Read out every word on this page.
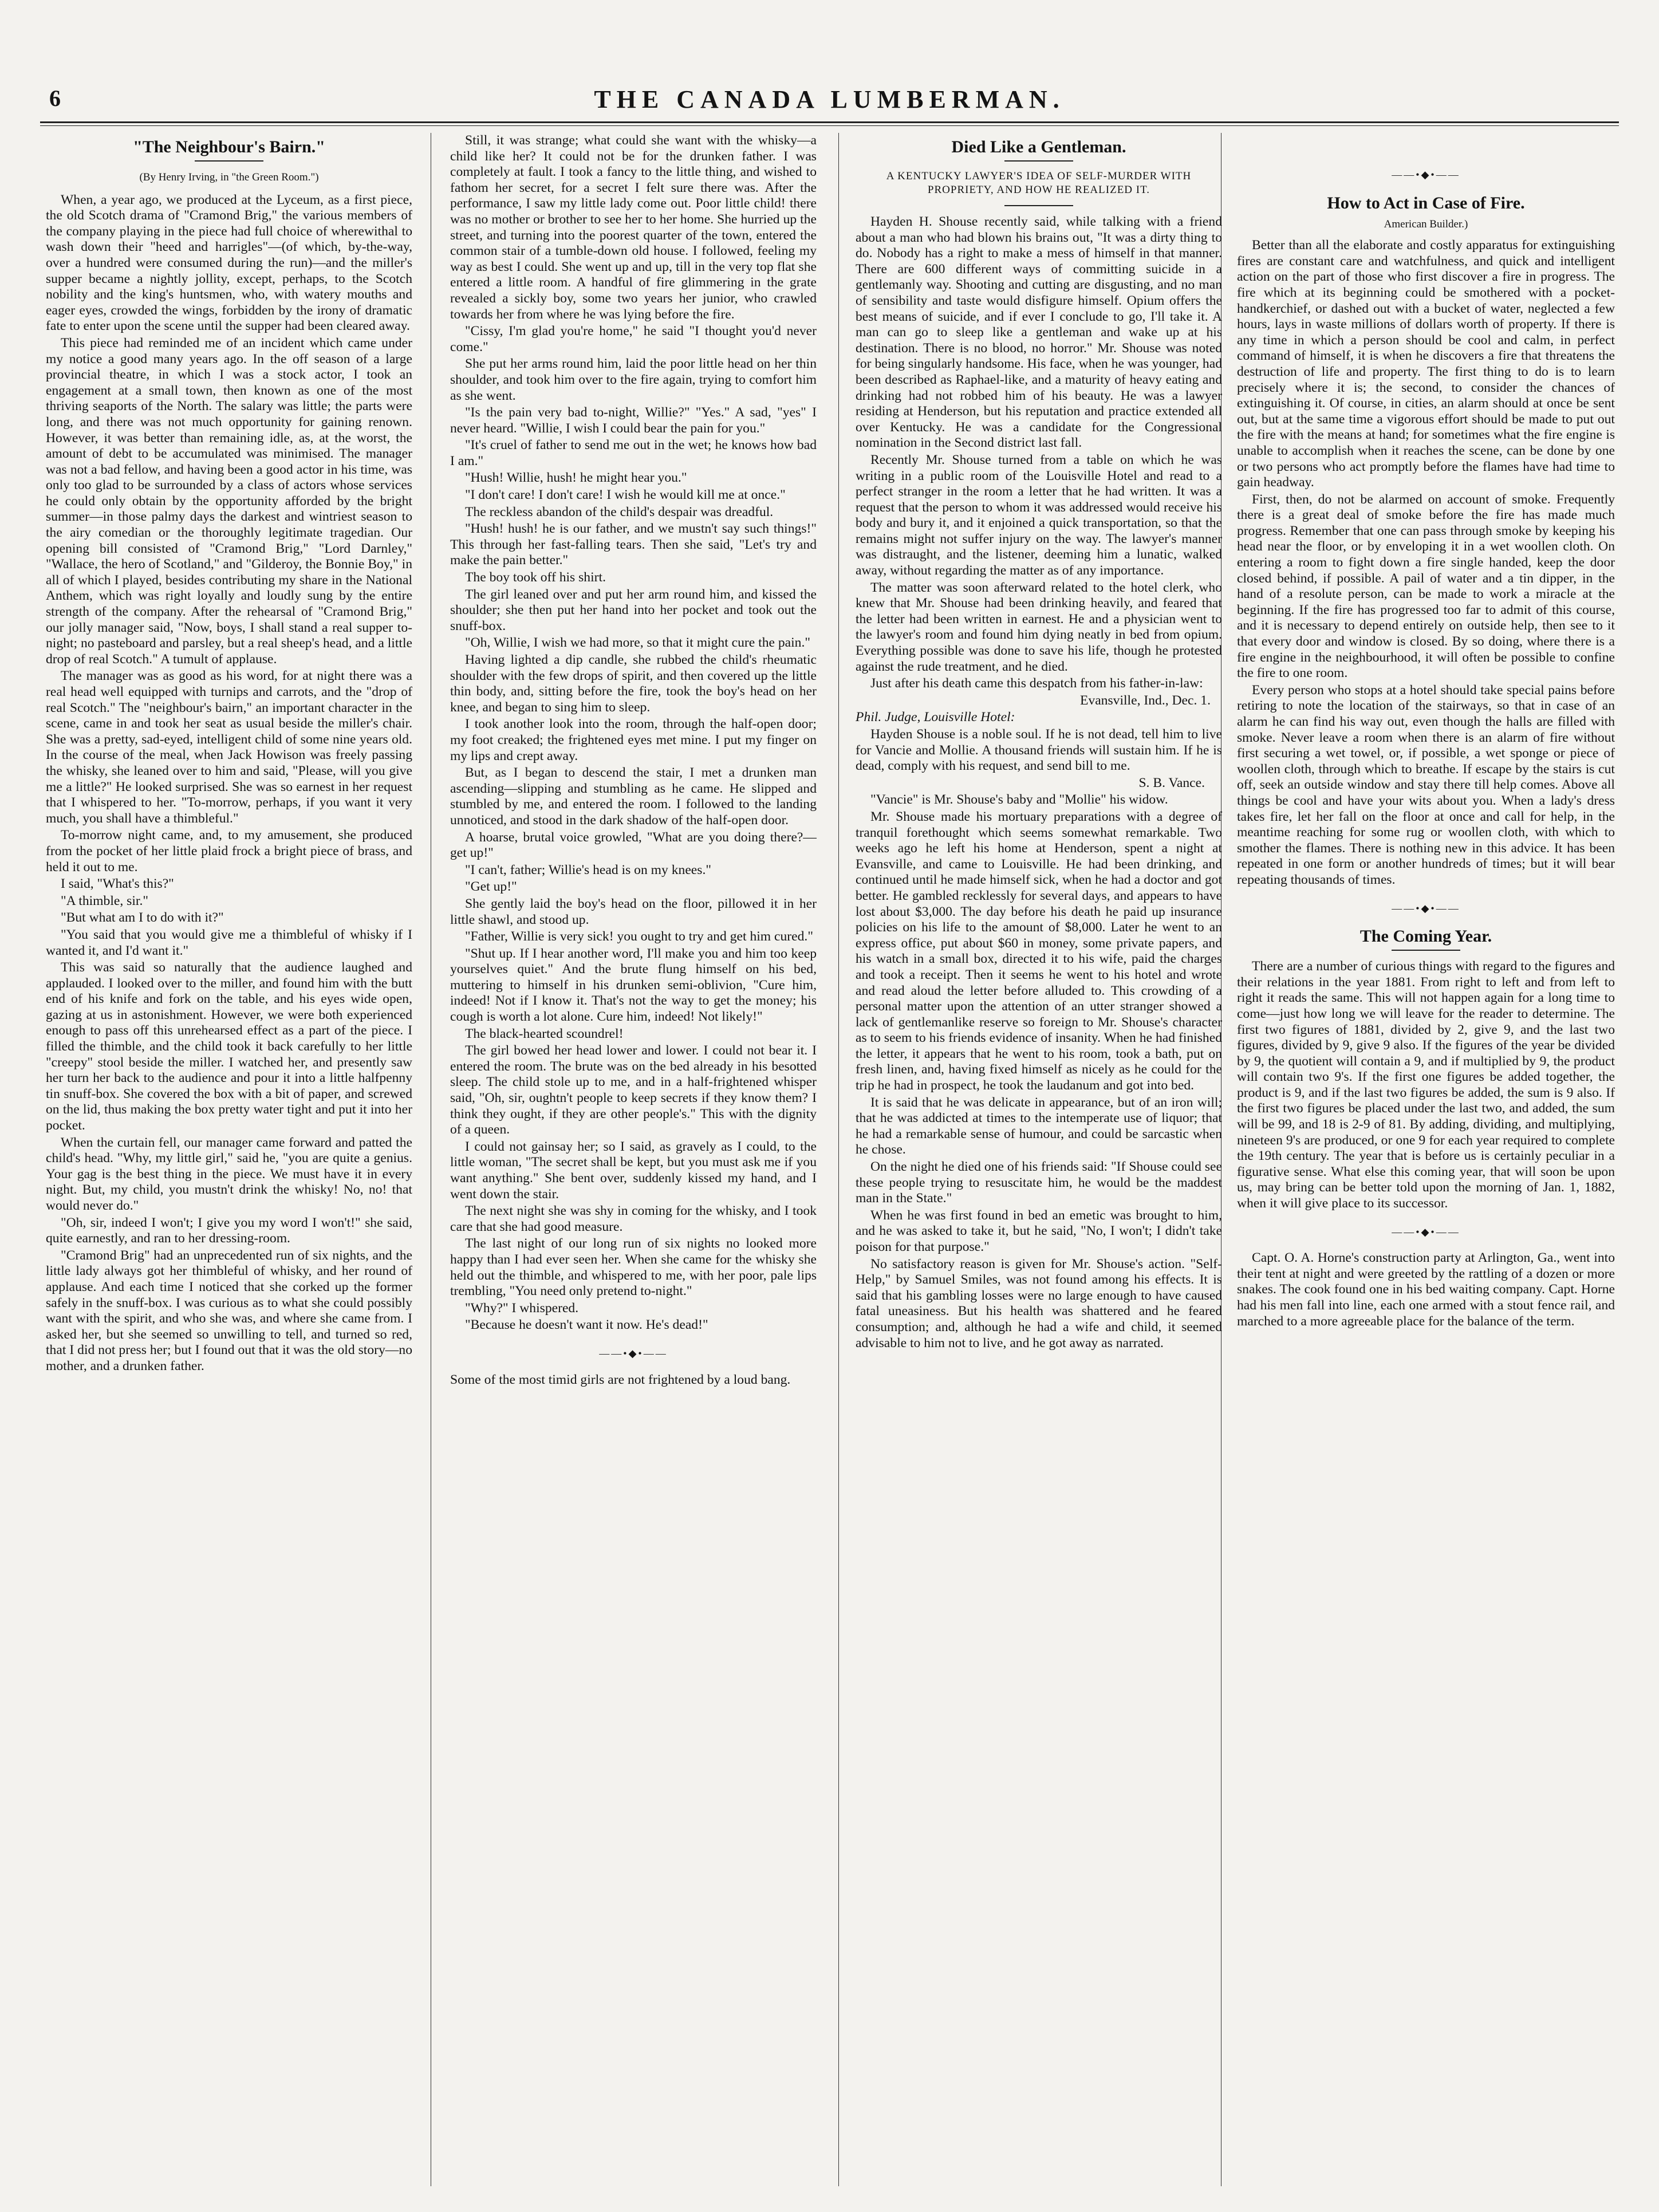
6	THE CANADA LUMBERMAN.
"The Neighbour's Bairn."
(By Henry Irving, in "the Green Room.")

When, a year ago, we produced at the Lyceum, as a first piece, the old Scotch drama of "Cramond Brig," the various members of the company playing in the piece had full choice of wherewithal to wash down their "heed and harrigles"—(of which, by-the-way, over a hundred were consumed during the run)—and the miller's supper became a nightly jollity, except, perhaps, to the Scotch nobility and the king's huntsmen, who, with watery mouths and eager eyes, crowded the wings, forbidden by the irony of dramatic fate to enter upon the scene until the supper had been cleared away.

This piece had reminded me of an incident which came under my notice a good many years ago. In the off season of a large provincial theatre, in which I was a stock actor, I took an engagement at a small town, then known as one of the most thriving seaports of the North. The salary was little; the parts were long, and there was not much opportunity for gaining renown. However, it was better than remaining idle, as, at the worst, the amount of debt to be accumulated was minimised. The manager was not a bad fellow, and having been a good actor in his time, was only too glad to be surrounded by a class of actors whose services he could only obtain by the opportunity afforded by the bright summer—in those palmy days the darkest and wintriest season to the airy comedian or the thoroughly legitimate tragedian. Our opening bill consisted of "Cramond Brig," "Lord Darnley," "Wallace, the hero of Scotland," and "Gilderoy, the Bonnie Boy," in all of which I played, besides contributing my share in the National Anthem, which was right loyally and loudly sung by the entire strength of the company. After the rehearsal of "Cramond Brig," our jolly manager said, "Now, boys, I shall stand a real supper to-night; no pasteboard and parsley, but a real sheep's head, and a little drop of real Scotch." A tumult of applause.

The manager was as good as his word, for at night there was a real head well equipped with turnips and carrots, and the "drop of real Scotch." The "neighbour's bairn," an important character in the scene, came in and took her seat as usual beside the miller's chair. She was a pretty, sad-eyed, intelligent child of some nine years old. In the course of the meal, when Jack Howison was freely passing the whisky, she leaned over to him and said, "Please, will you give me a little?" He looked surprised. She was so earnest in her request that I whispered to her. "To-morrow, perhaps, if you want it very much, you shall have a thimbleful."

To-morrow night came, and, to my amusement, she produced from the pocket of her little plaid frock a bright piece of brass, and held it out to me.

I said, "What's this?"

"A thimble, sir."

"But what am I to do with it?"

"You said that you would give me a thimbleful of whisky if I wanted it, and I'd want it."

This was said so naturally that the audience laughed and applauded. I looked over to the miller, and found him with the butt end of his knife and fork on the table, and his eyes wide open, gazing at us in astonishment. However, we were both experienced enough to pass off this unrehearsed effect as a part of the piece. I filled the thimble, and the child took it back carefully to her little "creepy" stool beside the miller. I watched her, and presently saw her turn her back to the audience and pour it into a little halfpenny tin snuff-box. She covered the box with a bit of paper, and screwed on the lid, thus making the box pretty water tight and put it into her pocket.

When the curtain fell, our manager came forward and patted the child's head. "Why, my little girl," said he, "you are quite a genius. Your gag is the best thing in the piece. We must have it in every night. But, my child, you mustn't drink the whisky! No, no! that would never do."

"Oh, sir, indeed I won't; I give you my word I won't!" she said, quite earnestly, and ran to her dressing-room.

"Cramond Brig" had an unprecedented run of six nights, and the little lady always got her thimbleful of whisky, and her round of applause. And each time I noticed that she corked up the former safely in the snuff-box. I was curious as to what she could possibly want with the spirit, and who she was, and where she came from. I asked her, but she seemed so unwilling to tell, and turned so red, that I did not press her; but I found out that it was the old story—no mother, and a drunken father.

Still, it was strange; what could she want with the whisky—a child like her? It could not be for the drunken father. I was completely at fault. I took a fancy to the little thing, and wished to fathom her secret, for a secret I felt sure there was. After the performance, I saw my little lady come out. Poor little child! there was no mother or brother to see her to her home. She hurried up the street, and turning into the poorest quarter of the town, entered the common stair of a tumble-down old house. I followed, feeling my way as best I could. She went up and up, till in the very top flat she entered a little room. A handful of fire glimmering in the grate revealed a sickly boy, some two years her junior, who crawled towards her from where he was lying before the fire.

"Cissy, I'm glad you're home," he said "I thought you'd never come."

She put her arms round him, laid the poor little head on her thin shoulder, and took him over to the fire again, trying to comfort him as she went.

"Is the pain very bad to-night, Willie?" "Yes." A sad, "yes" I never heard. "Willie, I wish I could bear the pain for you."

"It's cruel of father to send me out in the wet; he knows how bad I am."

"Hush! Willie, hush! he might hear you."

"I don't care! I don't care! I wish he would kill me at once."

The reckless abandon of the child's despair was dreadful.

"Hush! hush! he is our father, and we mustn't say such things!" This through her fast-falling tears. Then she said, "Let's try and make the pain better."

The boy took off his shirt.

The girl leaned over and put her arm round him, and kissed the shoulder; she then put her hand into her pocket and took out the snuff-box.

"Oh, Willie, I wish we had more, so that it might cure the pain."

Having lighted a dip candle, she rubbed the child's rheumatic shoulder with the few drops of spirit, and then covered up the little thin body, and, sitting before the fire, took the boy's head on her knee, and began to sing him to sleep.

I took another look into the room, through the half-open door; my foot creaked; the frightened eyes met mine. I put my finger on my lips and crept away.

But, as I began to descend the stair, I met a drunken man ascending—slipping and stumbling as he came. He slipped and stumbled by me, and entered the room. I followed to the landing unnoticed, and stood in the dark shadow of the half-open door.

A hoarse, brutal voice growled, "What are you doing there?—get up!"

"I can't, father; Willie's head is on my knees."

"Get up!"

She gently laid the boy's head on the floor, pillowed it in her little shawl, and stood up.

"Father, Willie is very sick! you ought to try and get him cured."

"Shut up. If I hear another word, I'll make you and him too keep yourselves quiet." And the brute flung himself on his bed, muttering to himself in his drunken semi-oblivion, "Cure him, indeed! Not if I know it. That's not the way to get the money; his cough is worth a lot alone. Cure him, indeed! Not likely!"

The black-hearted scoundrel!

The girl bowed her head lower and lower. I could not bear it. I entered the room. The brute was on the bed already in his besotted sleep. The child stole up to me, and in a half-frightened whisper said, "Oh, sir, oughtn't people to keep secrets if they know them? I think they ought, if they are other people's." This with the dignity of a queen.

I could not gainsay her; so I said, as gravely as I could, to the little woman, "The secret shall be kept, but you must ask me if you want anything." She bent over, suddenly kissed my hand, and I went down the stair.

The next night she was shy in coming for the whisky, and I took care that she had good measure.

The last night of our long run of six nights no looked more happy than I had ever seen her. When she came for the whisky she held out the thimble, and whispered to me, with her poor, pale lips trembling, "You need only pretend to-night."

"Why?" I whispered.

"Because he doesn't want it now. He's dead!"

——•◆•——

Some of the most timid girls are not frightened by a loud bang.

Died Like a Gentleman.
A KENTUCKY LAWYER'S IDEA OF SELF-MURDER WITH PROPRIETY, AND HOW HE REALIZED IT.

Hayden H. Shouse recently said, while talking with a friend about a man who had blown his brains out, "It was a dirty thing to do. Nobody has a right to make a mess of himself in that manner. There are 600 different ways of committing suicide in a gentlemanly way. Shooting and cutting are disgusting, and no man of sensibility and taste would disfigure himself. Opium offers the best means of suicide, and if ever I conclude to go, I'll take it. A man can go to sleep like a gentleman and wake up at his destination. There is no blood, no horror." Mr. Shouse was noted for being singularly handsome. His face, when he was younger, had been described as Raphael-like, and a maturity of heavy eating and drinking had not robbed him of his beauty. He was a lawyer residing at Henderson, but his reputation and practice extended all over Kentucky. He was a candidate for the Congressional nomination in the Second district last fall.

Recently Mr. Shouse turned from a table on which he was writing in a public room of the Louisville Hotel and read to a perfect stranger in the room a letter that he had written. It was a request that the person to whom it was addressed would receive his body and bury it, and it enjoined a quick transportation, so that the remains might not suffer injury on the way. The lawyer's manner was distraught, and the listener, deeming him a lunatic, walked away, without regarding the matter as of any importance.

The matter was soon afterward related to the hotel clerk, who knew that Mr. Shouse had been drinking heavily, and feared that the letter had been written in earnest. He and a physician went to the lawyer's room and found him dying neatly in bed from opium. Everything possible was done to save his life, though he protested against the rude treatment, and he died.

Just after his death came this despatch from his father-in-law:

Evansville, Ind., Dec. 1.

Phil. Judge, Louisville Hotel:

Hayden Shouse is a noble soul. If he is not dead, tell him to live for Vancie and Mollie. A thousand friends will sustain him. If he is dead, comply with his request, and send bill to me.

S. B. Vance.

"Vancie" is Mr. Shouse's baby and "Mollie" his widow.

Mr. Shouse made his mortuary preparations with a degree of tranquil forethought which seems somewhat remarkable. Two weeks ago he left his home at Henderson, spent a night at Evansville, and came to Louisville. He had been drinking, and continued until he made himself sick, when he had a doctor and got better. He gambled recklessly for several days, and appears to have lost about $3,000. The day before his death he paid up insurance policies on his life to the amount of $8,000. Later he went to an express office, put about $60 in money, some private papers, and his watch in a small box, directed it to his wife, paid the charges and took a receipt. Then it seems he went to his hotel and wrote and read aloud the letter before alluded to. This crowding of a personal matter upon the attention of an utter stranger showed a lack of gentlemanlike reserve so foreign to Mr. Shouse's character as to seem to his friends evidence of insanity. When he had finished the letter, it appears that he went to his room, took a bath, put on fresh linen, and, having fixed himself as nicely as he could for the trip he had in prospect, he took the laudanum and got into bed.

It is said that he was delicate in appearance, but of an iron will; that he was addicted at times to the intemperate use of liquor; that he had a remarkable sense of humour, and could be sarcastic when he chose.

On the night he died one of his friends said: "If Shouse could see these people trying to resuscitate him, he would be the maddest man in the State."

When he was first found in bed an emetic was brought to him, and he was asked to take it, but he said, "No, I won't; I didn't take poison for that purpose."

No satisfactory reason is given for Mr. Shouse's action. "Self-Help," by Samuel Smiles, was not found among his effects. It is said that his gambling losses were no large enough to have caused fatal uneasiness. But his health was shattered and he feared consumption; and, although he had a wife and child, it seemed advisable to him not to live, and he got away as narrated.

——•◆•——
How to Act in Case of Fire.
American Builder.)

Better than all the elaborate and costly apparatus for extinguishing fires are constant care and watchfulness, and quick and intelligent action on the part of those who first discover a fire in progress. The fire which at its beginning could be smothered with a pocket-handkerchief, or dashed out with a bucket of water, neglected a few hours, lays in waste millions of dollars worth of property. If there is any time in which a person should be cool and calm, in perfect command of himself, it is when he discovers a fire that threatens the destruction of life and property. The first thing to do is to learn precisely where it is; the second, to consider the chances of extinguishing it. Of course, in cities, an alarm should at once be sent out, but at the same time a vigorous effort should be made to put out the fire with the means at hand; for sometimes what the fire engine is unable to accomplish when it reaches the scene, can be done by one or two persons who act promptly before the flames have had time to gain headway.

First, then, do not be alarmed on account of smoke. Frequently there is a great deal of smoke before the fire has made much progress. Remember that one can pass through smoke by keeping his head near the floor, or by enveloping it in a wet woollen cloth. On entering a room to fight down a fire single handed, keep the door closed behind, if possible. A pail of water and a tin dipper, in the hand of a resolute person, can be made to work a miracle at the beginning. If the fire has progressed too far to admit of this course, and it is necessary to depend entirely on outside help, then see to it that every door and window is closed. By so doing, where there is a fire engine in the neighbourhood, it will often be possible to confine the fire to one room.

Every person who stops at a hotel should take special pains before retiring to note the location of the stairways, so that in case of an alarm he can find his way out, even though the halls are filled with smoke. Never leave a room when there is an alarm of fire without first securing a wet towel, or, if possible, a wet sponge or piece of woollen cloth, through which to breathe. If escape by the stairs is cut off, seek an outside window and stay there till help comes. Above all things be cool and have your wits about you. When a lady's dress takes fire, let her fall on the floor at once and call for help, in the meantime reaching for some rug or woollen cloth, with which to smother the flames. There is nothing new in this advice. It has been repeated in one form or another hundreds of times; but it will bear repeating thousands of times.

——•◆•——
The Coming Year.

There are a number of curious things with regard to the figures and their relations in the year 1881. From right to left and from left to right it reads the same. This will not happen again for a long time to come—just how long we will leave for the reader to determine. The first two figures of 1881, divided by 2, give 9, and the last two figures, divided by 9, give 9 also. If the figures of the year be divided by 9, the quotient will contain a 9, and if multiplied by 9, the product will contain two 9's. If the first one figures be added together, the product is 9, and if the last two figures be added, the sum is 9 also. If the first two figures be placed under the last two, and added, the sum will be 99, and 18 is 2-9 of 81. By adding, dividing, and multiplying, nineteen 9's are produced, or one 9 for each year required to complete the 19th century. The year that is before us is certainly peculiar in a figurative sense. What else this coming year, that will soon be upon us, may bring can be better told upon the morning of Jan. 1, 1882, when it will give place to its successor.

——•◆•——

Capt. O. A. Horne's construction party at Arlington, Ga., went into their tent at night and were greeted by the rattling of a dozen or more snakes. The cook found one in his bed waiting company. Capt. Horne had his men fall into line, each one armed with a stout fence rail, and marched to a more agreeable place for the balance of the term.
